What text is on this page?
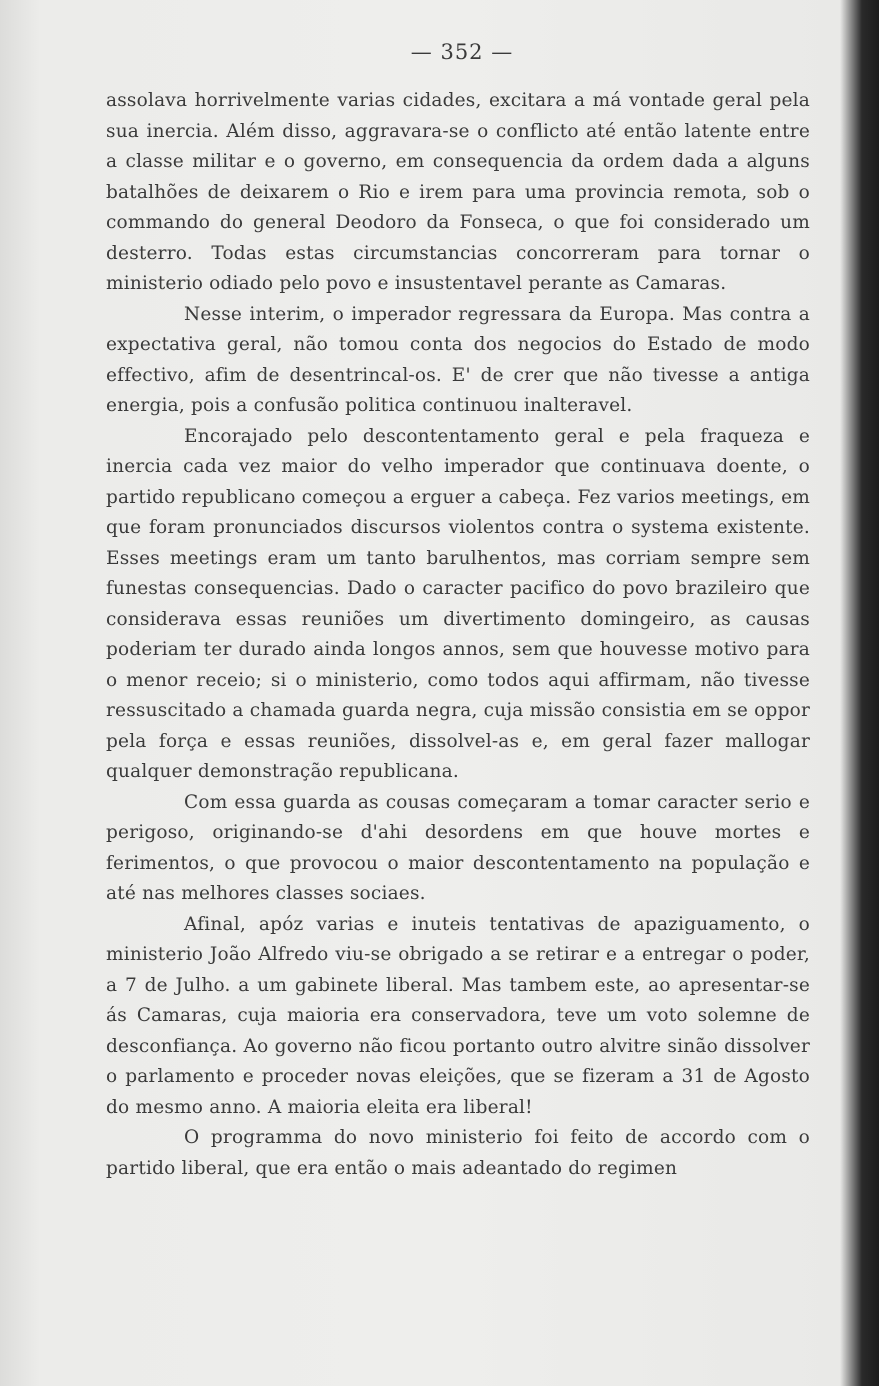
— 352 —

assolava horrivelmente varias cidades, excitara a má vontade geral pela sua inercia. Além disso, aggravara-se o conflicto até então latente entre a classe militar e o governo, em consequencia da ordem dada a alguns batalhões de deixarem o Rio e irem para uma provincia remota, sob o commando do general Deodoro da Fonseca, o que foi considerado um desterro. Todas estas circumstancias concorreram para tornar o ministerio odiado pelo povo e insustentavel perante as Camaras.

Nesse interim, o imperador regressara da Europa. Mas contra a expectativa geral, não tomou conta dos negocios do Estado de modo effectivo, afim de desentrincal-os. E' de crer que não tivesse a antiga energia, pois a confusão politica continuou inalteravel.

Encorajado pelo descontentamento geral e pela fraqueza e inercia cada vez maior do velho imperador que continuava doente, o partido republicano começou a erguer a cabeça. Fez varios meetings, em que foram pronunciados discursos violentos contra o systema existente. Esses meetings eram um tanto barulhentos, mas corriam sempre sem funestas consequencias. Dado o caracter pacifico do povo brazileiro que considerava essas reuniões um divertimento domingeiro, as causas poderiam ter durado ainda longos annos, sem que houvesse motivo para o menor receio; si o ministerio, como todos aqui affirmam, não tivesse ressuscitado a chamada guarda negra, cuja missão consistia em se oppor pela força e essas reuniões, dissolvel-as e, em geral fazer mallogar qualquer demonstração republicana.

Com essa guarda as cousas começaram a tomar caracter serio e perigoso, originando-se d'ahi desordens em que houve mortes e ferimentos, o que provocou o maior descontentamento na população e até nas melhores classes sociaes.

Afinal, apóz varias e inuteis tentativas de apaziguamento, o ministerio João Alfredo viu-se obrigado a se retirar e a entregar o poder, a 7 de Julho. a um gabinete liberal. Mas tambem este, ao apresentar-se ás Camaras, cuja maioria era conservadora, teve um voto solemne de desconfiança. Ao governo não ficou portanto outro alvitre sinão dissolver o parlamento e proceder novas eleições, que se fizeram a 31 de Agosto do mesmo anno. A maioria eleita era liberal!

O programma do novo ministerio foi feito de accordo com o partido liberal, que era então o mais adeantado do regimen
